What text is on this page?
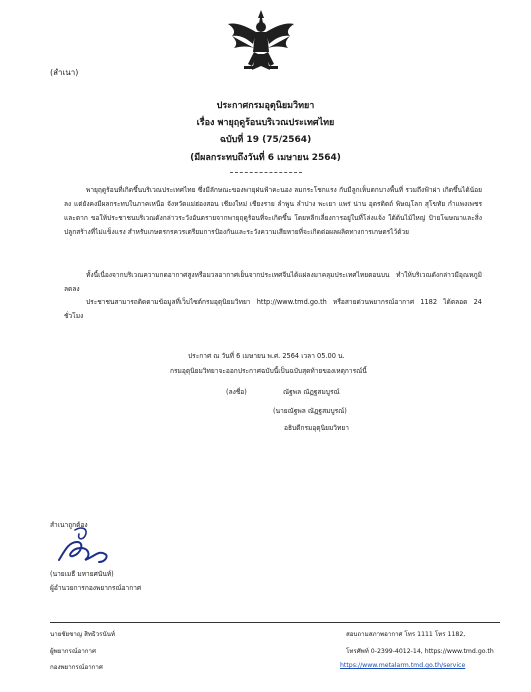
(สำเนา)
ประกาศกรมอุตุนิยมวิทยา
เรื่อง พายุฤดูร้อนบริเวณประเทศไทย
ฉบับที่ 19 (75/2564)
(มีผลกระทบถึงวันที่ 6 เมษายน 2564)
พายุฤดูร้อนที่เกิดขึ้นบริเวณประเทศไทย ซึ่งมีลักษณะของพายุฝนฟ้าคะนอง ลมกระโชกแรง กับมีลูกเห็บตกบางพื้นที่ รวมถึงฟ้าผ่า เกิดขึ้นได้น้อยลง แต่ยังคงมีผลกระทบในภาคเหนือ จังหวัดแม่ฮ่องสอน เชียงใหม่ เชียงราย ลำพูน ลำปาง พะเยา แพร่ น่าน อุตรดิตถ์ พิษณุโลก สุโขทัย กำแพงเพชร และตาก ขอให้ประชาชนบริเวณดังกล่าวระวังอันตรายจากพายุฤดูร้อนที่จะเกิดขึ้น โดยหลีกเลี่ยงการอยู่ในที่โล่งแจ้ง ใต้ต้นไม้ใหญ่ ป้ายโฆษณาและสิ่งปลูกสร้างที่ไม่แข็งแรง สำหรับเกษตรกรควรเตรียมการป้องกันและระวังความเสียหายที่จะเกิดต่อผลผลิตทางการเกษตรไว้ด้วย
ทั้งนี้เนื่องจากบริเวณความกดอากาศสูงหรือมวลอากาศเย็นจากประเทศจีนได้แผ่ลงมาคลุมประเทศไทยตอนบน ทำให้บริเวณดังกล่าวมีอุณหภูมิลดลง
ประชาชนสามารถติดตามข้อมูลที่เว็บไซต์กรมอุตุนิยมวิทยา http://www.tmd.go.th หรือสายด่วนพยากรณ์อากาศ 1182 ได้ตลอด 24 ชั่วโมง
ประกาศ ณ วันที่ 6 เมษายน พ.ศ. 2564 เวลา 05.00 น.
กรมอุตุนิยมวิทยาจะออกประกาศฉบับนี้เป็นฉบับสุดท้ายของเหตุการณ์นี้
(ลงชื่อ)	ณัฐพล ณัฏฐสมบูรณ์
(นายณัฐพล ณัฏฐสมบูรณ์)
อธิบดีกรมอุตุนิยมวิทยา
สำเนาถูกต้อง
(นายเมธี มหายศนันท์)
ผู้อำนวยการกองพยากรณ์อากาศ
นายชัยชาญ สิทธิวรนันท์
ผู้พยากรณ์อากาศ
กองพยากรณ์อากาศ
สอบถามสภาพอากาศ โทร 1111 โทร 1182,
โทรศัพท์ 0-2399-4012-14, https://www.tmd.go.th
https://www.metalarm.tmd.go.th/service
